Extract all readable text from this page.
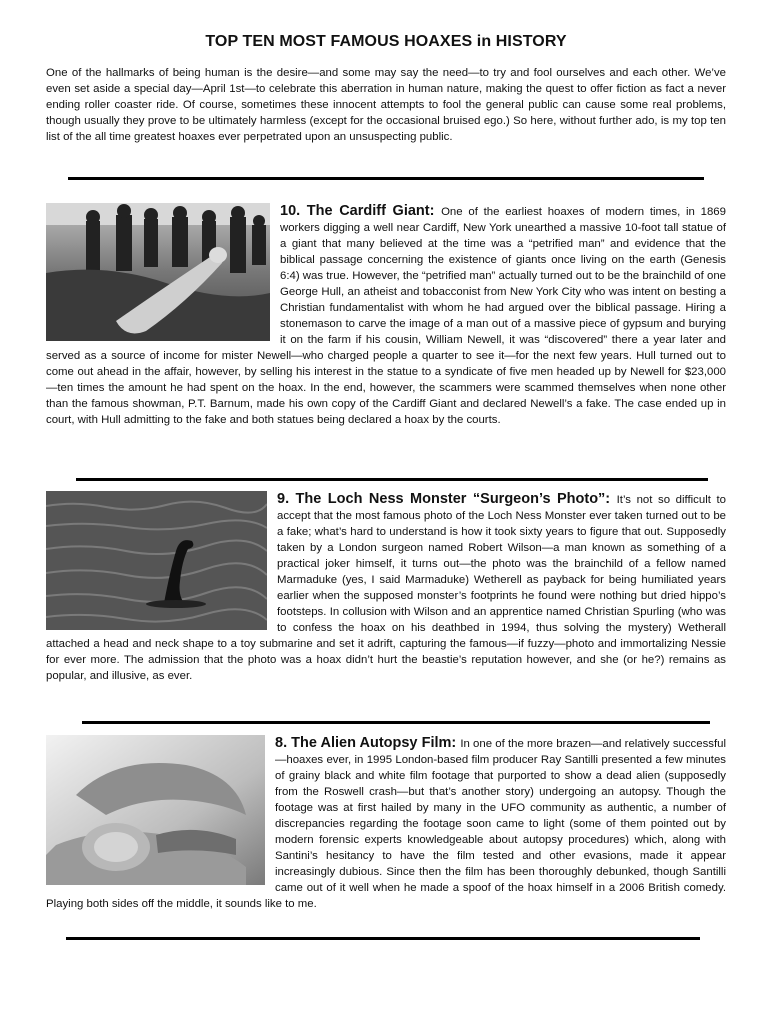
TOP TEN MOST FAMOUS HOAXES in HISTORY
One of the hallmarks of being human is the desire—and some may say the need—to try and fool ourselves and each other. We’ve even set aside a special day—April 1st—to celebrate this aberration in human nature, making the quest to offer fiction as fact a never ending roller coaster ride. Of course, sometimes these innocent attempts to fool the general public can cause some real problems, though usually they prove to be ultimately harmless (except for the occasional bruised ego.) So here, without further ado, is my top ten list of the all time greatest hoaxes ever perpetrated upon an unsuspecting public.
10. The Cardiff Giant: One of the earliest hoaxes of modern times, in 1869 workers digging a well near Cardiff, New York unearthed a massive 10-foot tall statue of a giant that many believed at the time was a “petrified man” and evidence that the biblical passage concerning the existence of giants once living on the earth (Genesis 6:4) was true. However, the “petrified man” actually turned out to be the brainchild of one George Hull, an atheist and tobacconist from New York City who was intent on besting a Christian fundamentalist with whom he had argued over the biblical passage. Hiring a stonemason to carve the image of a man out of a massive piece of gypsum and burying it on the farm if his cousin, William Newell, it was “discovered” there a year later and served as a source of income for mister Newell—who charged people a quarter to see it—for the next few years. Hull turned out to come out ahead in the affair, however, by selling his interest in the statue to a syndicate of five men headed up by Newell for $23,000—ten times the amount he had spent on the hoax. In the end, however, the scammers were scammed themselves when none other than the famous showman, P.T. Barnum, made his own copy of the Cardiff Giant and declared Newell’s a fake. The case ended up in court, with Hull admitting to the fake and both statues being declared a hoax by the courts.
9. The Loch Ness Monster “Surgeon’s Photo”: It’s not so difficult to accept that the most famous photo of the Loch Ness Monster ever taken turned out to be a fake; what’s hard to understand is how it took sixty years to figure that out. Supposedly taken by a London surgeon named Robert Wilson—a man known as something of a practical joker himself, it turns out—the photo was the brainchild of a fellow named Marmaduke (yes, I said Marmaduke) Wetherell as payback for being humiliated years earlier when the supposed monster’s footprints he found were nothing but dried hippo’s footsteps. In collusion with Wilson and an apprentice named Christian Spurling (who was to confess the hoax on his deathbed in 1994, thus solving the mystery) Wetherall attached a head and neck shape to a toy submarine and set it adrift, capturing the famous—if fuzzy—photo and immortalizing Nessie for ever more. The admission that the photo was a hoax didn’t hurt the beastie’s reputation however, and she (or he?) remains as popular, and illusive, as ever.
8. The Alien Autopsy Film: In one of the more brazen—and relatively successful—hoaxes ever, in 1995 London-based film producer Ray Santilli presented a few minutes of grainy black and white film footage that purported to show a dead alien (supposedly from the Roswell crash—but that’s another story) undergoing an autopsy. Though the footage was at first hailed by many in the UFO community as authentic, a number of discrepancies regarding the footage soon came to light (some of them pointed out by modern forensic experts knowledgeable about autopsy procedures) which, along with Santini’s hesitancy to have the film tested and other evasions, made it appear increasingly dubious. Since then the film has been thoroughly debunked, though Santilli came out of it well when he made a spoof of the hoax himself in a 2006 British comedy. Playing both sides off the middle, it sounds like to me.
